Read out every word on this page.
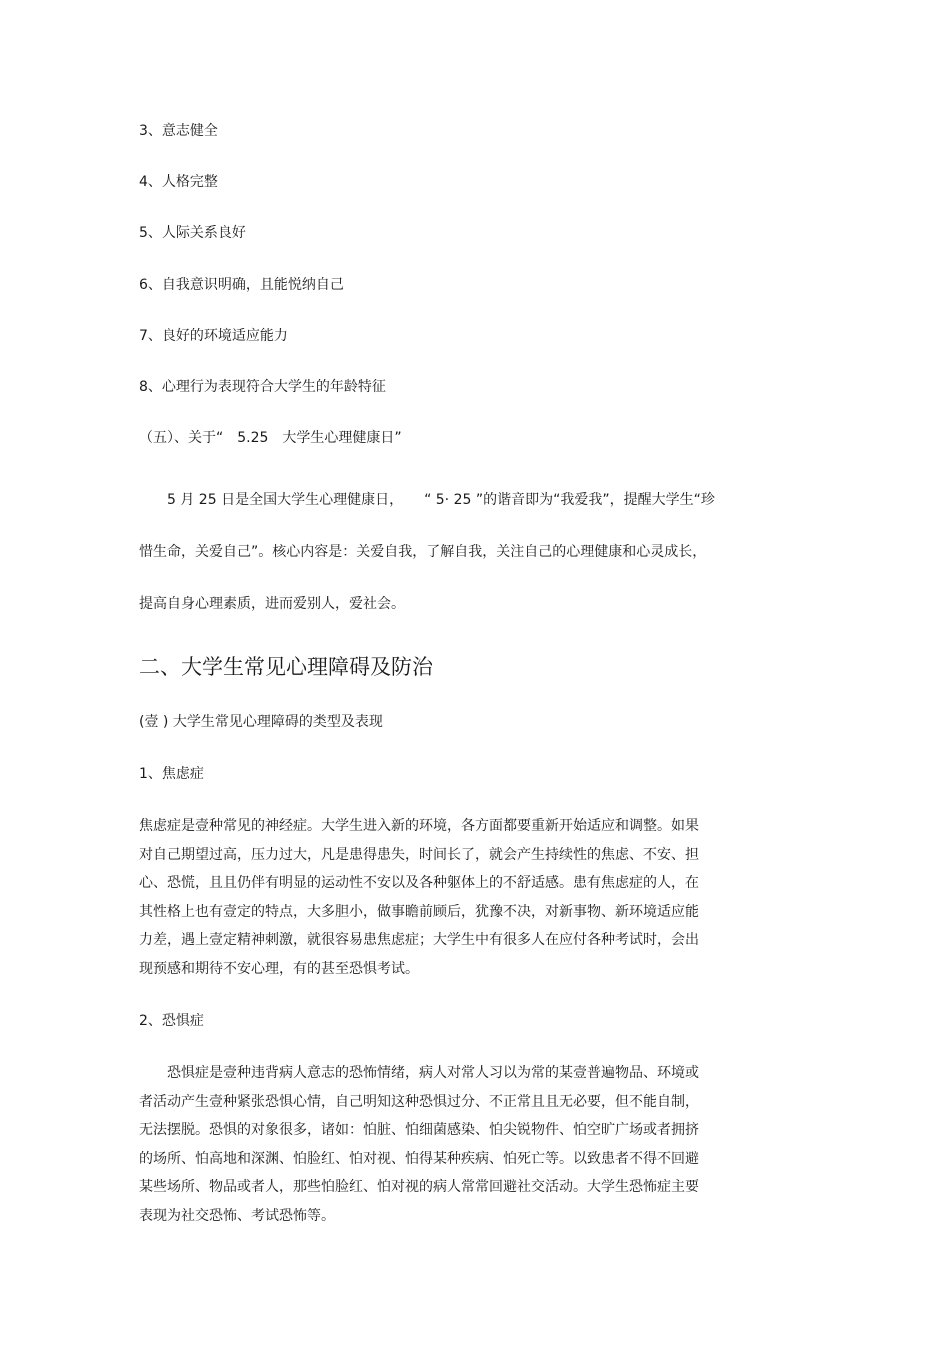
3、意志健全

4、人格完整

5、人际关系良好

6、自我意识明确，且能悦纳自己

7、良好的环境适应能力

8、心理行为表现符合大学生的年龄特征

（五）、关于“　5.25　大学生心理健康日”

　　5 月 25 日是全国大学生心理健康日，　　“ 5· 25 ”的谐音即为“我爱我”，提醒大学生“珍
惜生命，关爱自己”。核心内容是：关爱自我，了解自我，关注自己的心理健康和心灵成长，
提高自身心理素质，进而爱别人，爱社会。
二、大学生常见心理障碍及防治

(壹 ) 大学生常见心理障碍的类型及表现

1、焦虑症

焦虑症是壹种常见的神经症。大学生进入新的环境，各方面都要重新开始适应和调整。如果
对自己期望过高，压力过大，凡是患得患失，时间长了，就会产生持续性的焦虑、不安、担
心、恐慌，且且仍伴有明显的运动性不安以及各种躯体上的不舒适感。患有焦虑症的人，在
其性格上也有壹定的特点，大多胆小，做事瞻前顾后，犹豫不决，对新事物、新环境适应能
力差，遇上壹定精神刺激，就很容易患焦虑症；大学生中有很多人在应付各种考试时，会出
现预感和期待不安心理，有的甚至恐惧考试。

2、恐惧症

　　恐惧症是壹种违背病人意志的恐怖情绪，病人对常人习以为常的某壹普遍物品、环境或
者活动产生壹种紧张恐惧心情，自己明知这种恐惧过分、不正常且且无必要，但不能自制，
无法摆脱。恐惧的对象很多，诸如：怕脏、怕细菌感染、怕尖锐物件、怕空旷广场或者拥挤
的场所、怕高地和深渊、怕脸红、怕对视、怕得某种疾病、怕死亡等。以致患者不得不回避
某些场所、物品或者人，那些怕脸红、怕对视的病人常常回避社交活动。大学生恐怖症主要
表现为社交恐怖、考试恐怖等。
